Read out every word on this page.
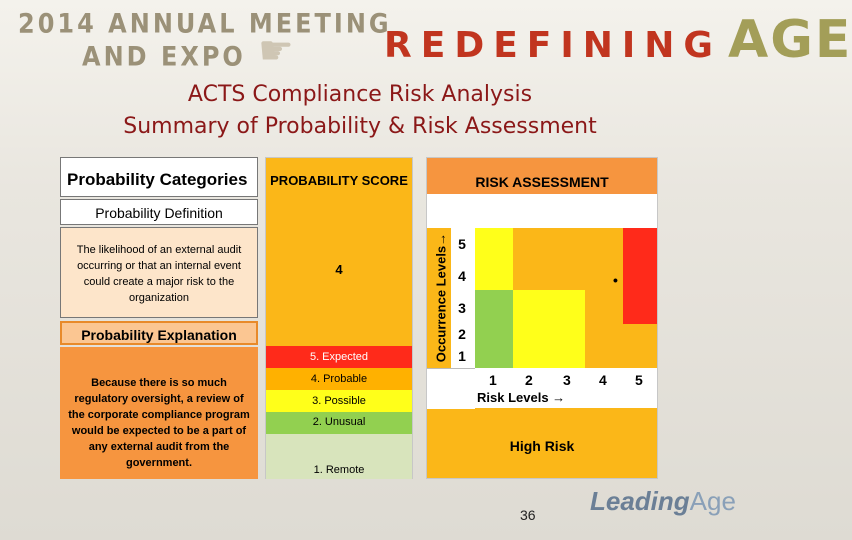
2014 ANNUAL MEETING
AND EXPO ☛	REDEFINING AGE
ACTS Compliance Risk Analysis
Summary of Probability & Risk Assessment
Probability Categories
Probability Definition
The likelihood of an external audit occurring or that an internal event could create a major risk to the organization
Probability Explanation
Because there is so much regulatory oversight, a review of the corporate compliance program would be expected to be a part of any external audit from the government.
PROBABILITY SCORE
4
5. Expected
4. Probable
3. Possible
2. Unusual
1. Remote
RISK ASSESSMENT
Occurrence Levels→ 5
4
3
2
1
•
1 2 3 4 5
Risk Levels →
High Risk
36 LeadingAge
